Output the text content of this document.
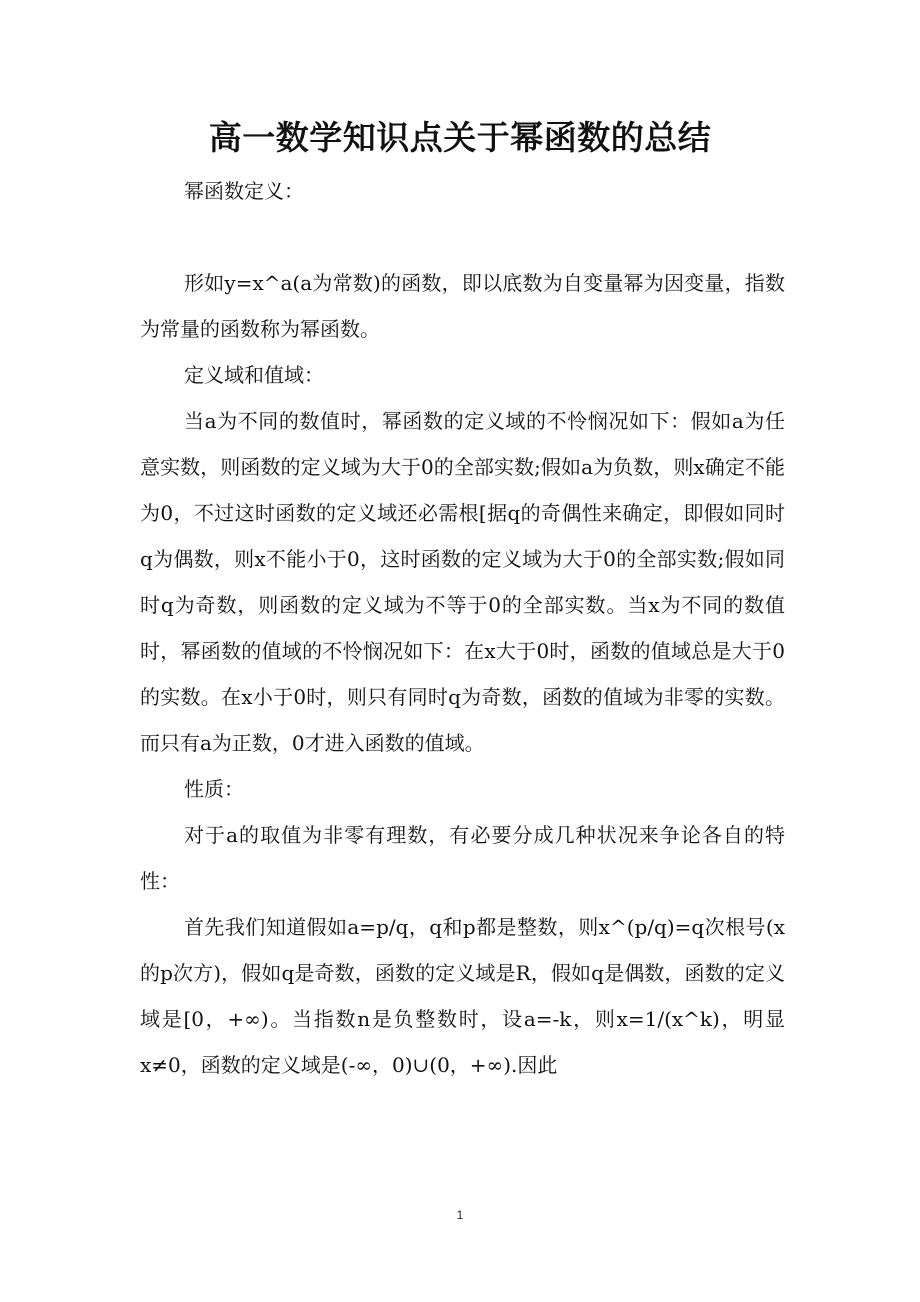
高一数学知识点关于幂函数的总结

幂函数定义：

形如y=x^a(a为常数)的函数，即以底数为自变量幂为因变量，指数为常量的函数称为幂函数。

定义域和值域：

当a为不同的数值时，幂函数的定义域的不怜悯况如下：假如a为任意实数，则函数的定义域为大于0的全部实数;假如a为负数，则x确定不能为0，不过这时函数的定义域还必需根[据q的奇偶性来确定，即假如同时q为偶数，则x不能小于0，这时函数的定义域为大于0的全部实数;假如同时q为奇数，则函数的定义域为不等于0的全部实数。当x为不同的数值时，幂函数的值域的不怜悯况如下：在x大于0时，函数的值域总是大于0的实数。在x小于0时，则只有同时q为奇数，函数的值域为非零的实数。而只有a为正数，0才进入函数的值域。

性质：

对于a的取值为非零有理数，有必要分成几种状况来争论各自的特性：

首先我们知道假如a=p/q，q和p都是整数，则x^(p/q)=q次根号(x的p次方)，假如q是奇数，函数的定义域是R，假如q是偶数，函数的定义域是[0，+∞)。当指数n是负整数时，设a=-k，则x=1/(x^k)，明显x≠0，函数的定义域是(-∞，0)∪(0，+∞).因此

1
